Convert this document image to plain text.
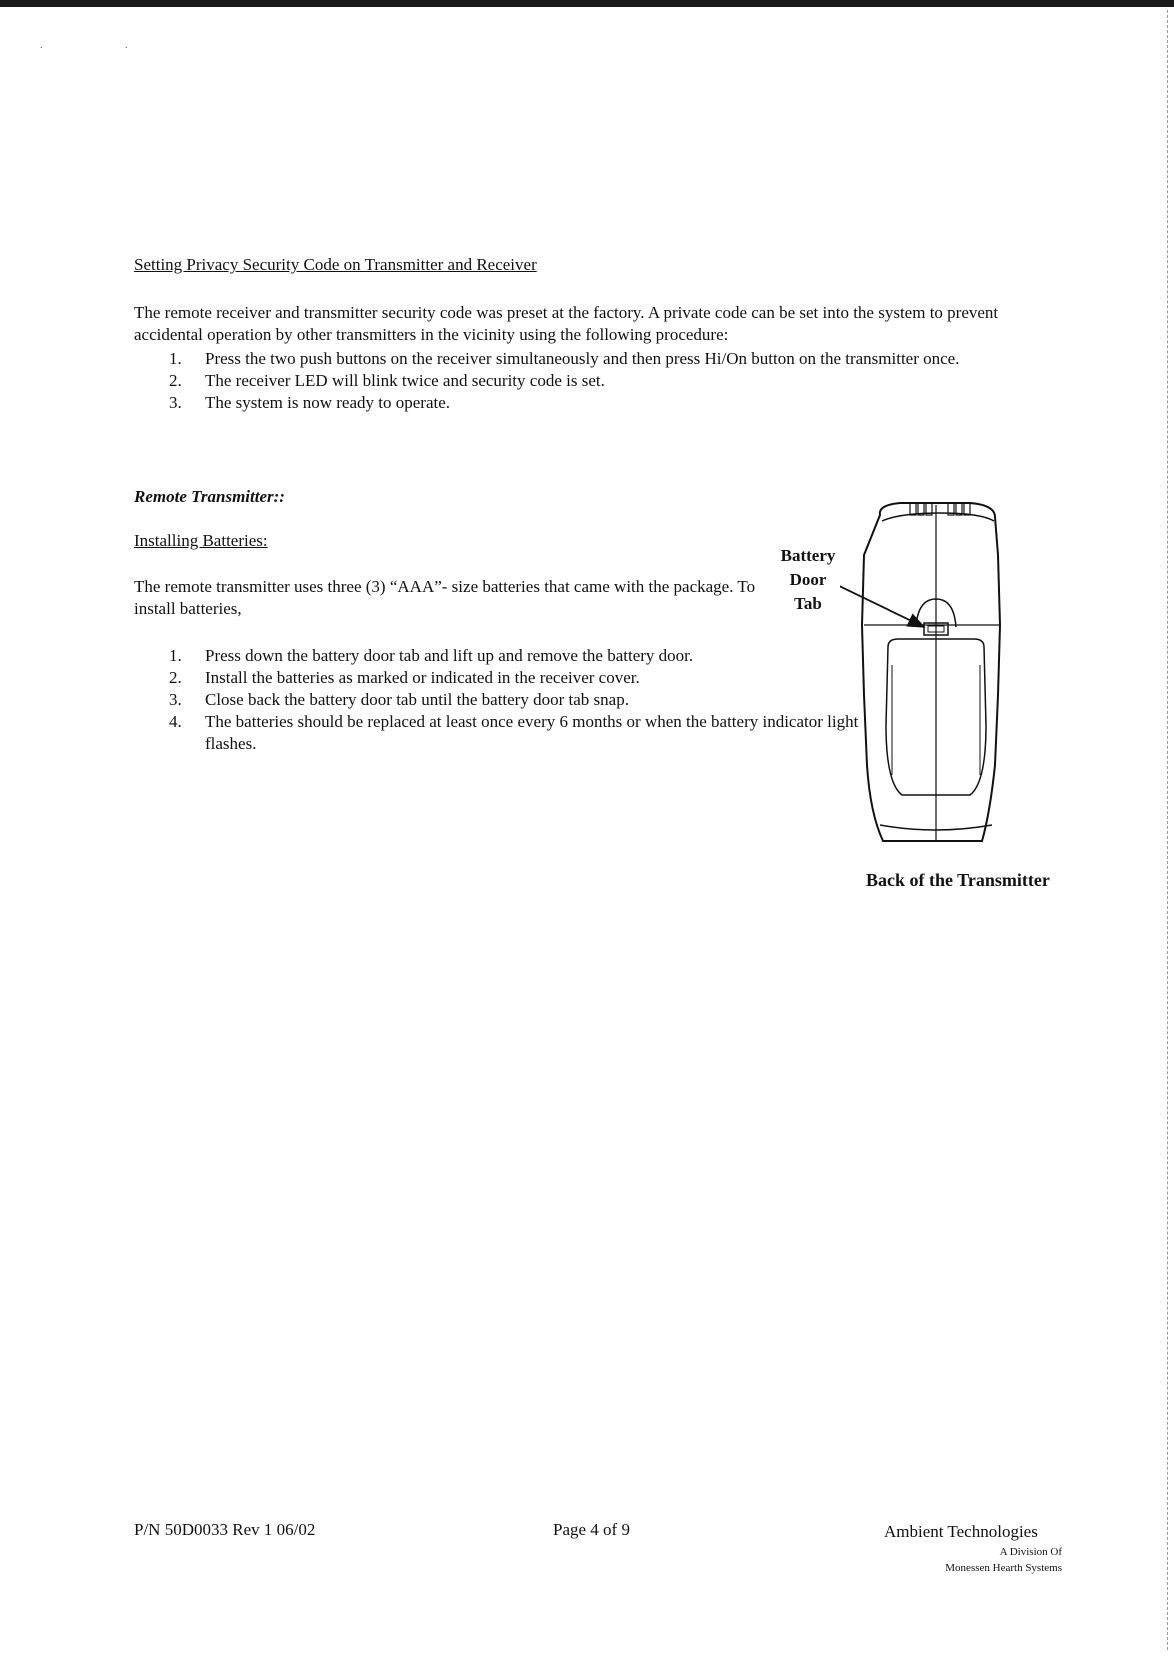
. .
Setting Privacy Security Code on Transmitter and Receiver
The remote receiver and transmitter security code was preset at the factory. A private code can be set into the system to prevent accidental operation by other transmitters in the vicinity using the following procedure:
1. Press the two push buttons on the receiver simultaneously and then press Hi/On button on the transmitter once.
2. The receiver LED will blink twice and security code is set.
3. The system is now ready to operate.
Remote Transmitter::
Installing Batteries:
The remote transmitter uses three (3) “AAA”- size batteries that came with the package. To install batteries,
1. Press down the battery door tab and lift up and remove the battery door.
2. Install the batteries as marked or indicated in the receiver cover.
3. Close back the battery door tab until the battery door tab snap.
4. The batteries should be replaced at least once every 6 months or when the battery indicator light flashes.
Battery
Door
Tab
Back of the Transmitter
P/N 50D0033 Rev 1 06/02	Page 4 of 9	Ambient Technologies
A Division Of
Monessen Hearth Systems
